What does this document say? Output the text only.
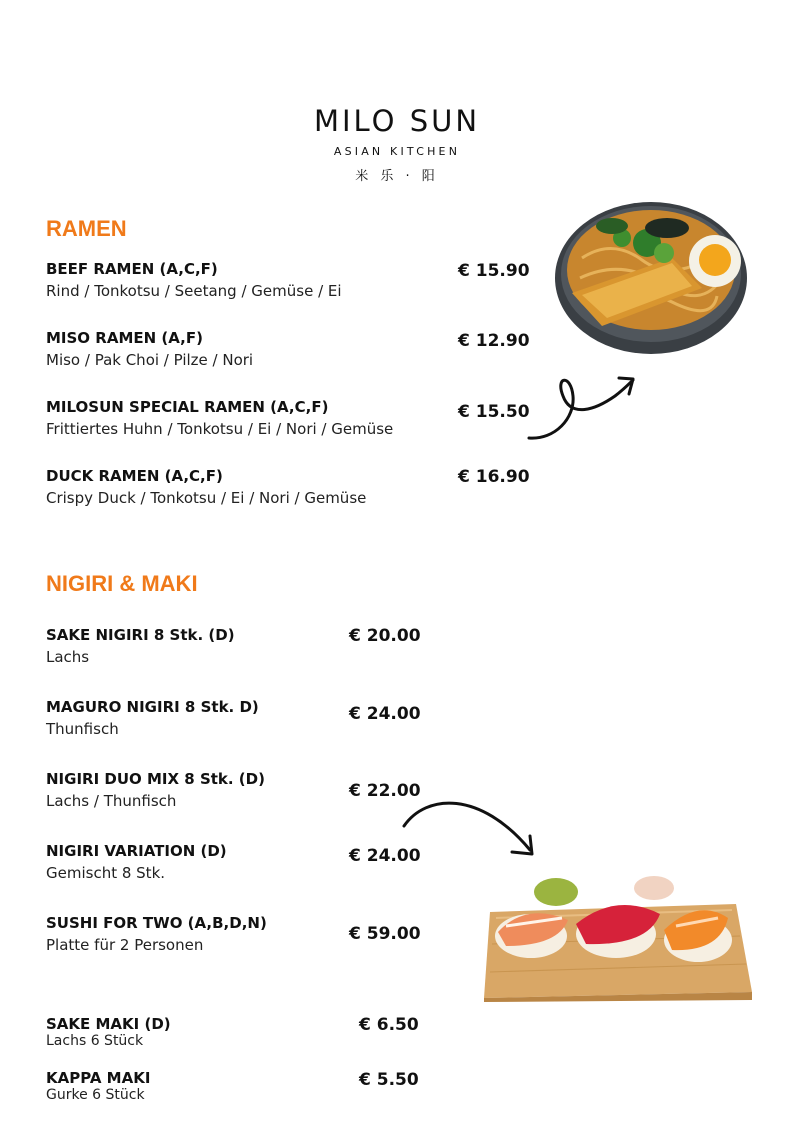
MILO SUN
ASIAN KITCHEN
米 乐 · 阳
RAMEN
BEEF RAMEN (A,C,F)
Rind / Tonkotsu / Seetang / Gemüse / Ei
€ 15.90
MISO RAMEN (A,F)
Miso / Pak Choi / Pilze / Nori
€ 12.90
MILOSUN SPECIAL RAMEN (A,C,F)
Frittiertes Huhn / Tonkotsu / Ei / Nori / Gemüse
€ 15.50
DUCK RAMEN (A,C,F)
Crispy Duck / Tonkotsu / Ei / Nori / Gemüse
€ 16.90
NIGIRI & MAKI
SAKE NIGIRI 8 Stk. (D)
Lachs
€ 20.00
MAGURO NIGIRI 8 Stk. D)
Thunfisch
€ 24.00
NIGIRI DUO MIX 8 Stk. (D)
Lachs / Thunfisch	€ 22.00
NIGIRI VARIATION (D)
Gemischt 8 Stk.
€ 24.00
SUSHI FOR TWO (A,B,D,N)
Platte für 2 Personen
€ 59.00
SAKE MAKI (D)
Lachs 6 Stück
€ 6.50
KAPPA MAKI
Gurke 6 Stück
€ 5.50
